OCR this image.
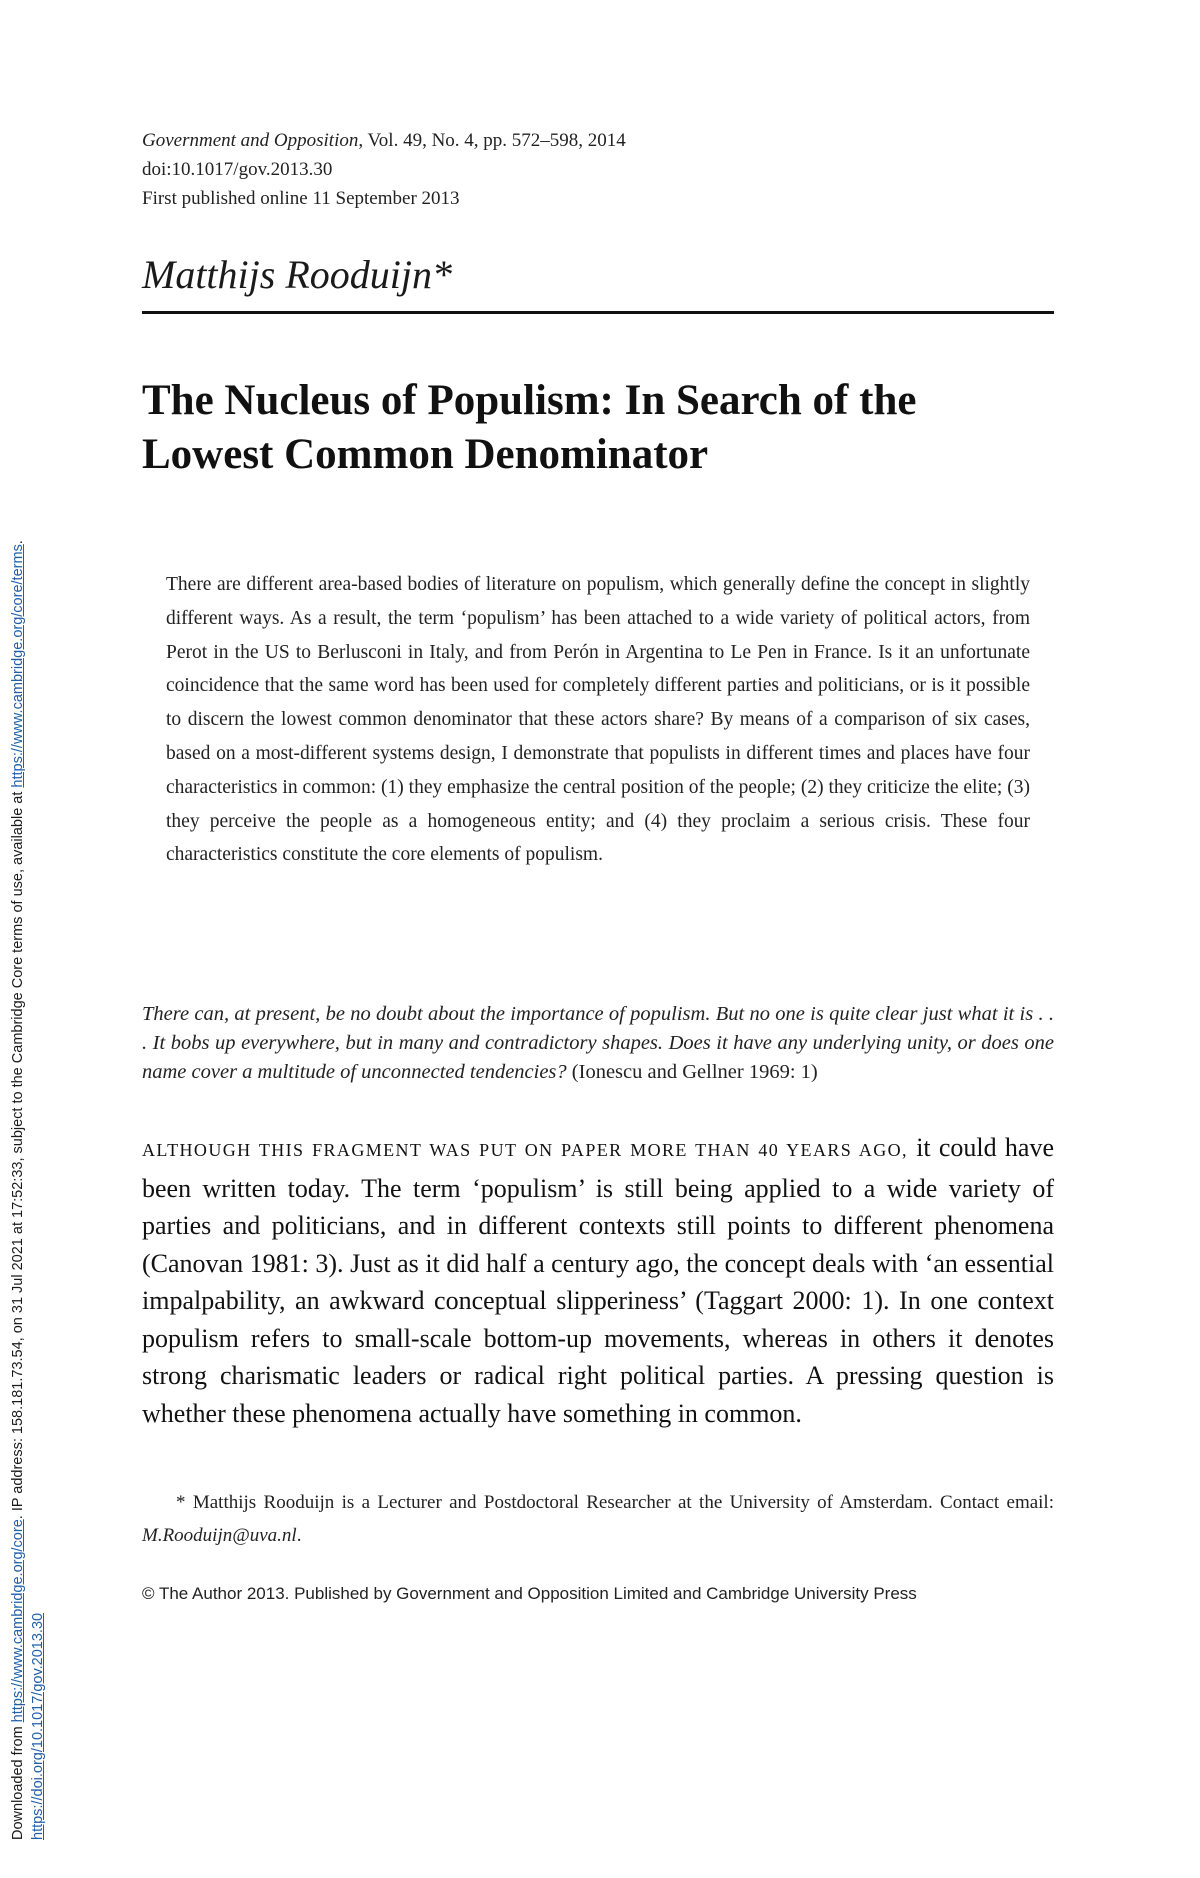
Downloaded from https://www.cambridge.org/core. IP address: 158.181.73.54, on 31 Jul 2021 at 17:52:33, subject to the Cambridge Core terms of use, available at https://www.cambridge.org/core/terms.
https://doi.org/10.1017/gov.2013.30
Government and Opposition, Vol. 49, No. 4, pp. 572–598, 2014
doi:10.1017/gov.2013.30
First published online 11 September 2013
Matthijs Rooduijn*
The Nucleus of Populism: In Search of the Lowest Common Denominator
There are different area-based bodies of literature on populism, which generally define the concept in slightly different ways. As a result, the term ‘populism’ has been attached to a wide variety of political actors, from Perot in the US to Berlusconi in Italy, and from Perón in Argentina to Le Pen in France. Is it an unfortunate coincidence that the same word has been used for completely different parties and politicians, or is it possible to discern the lowest common denominator that these actors share? By means of a comparison of six cases, based on a most-different systems design, I demonstrate that populists in different times and places have four characteristics in common: (1) they emphasize the central position of the people; (2) they criticize the elite; (3) they perceive the people as a homogeneous entity; and (4) they proclaim a serious crisis. These four characteristics constitute the core elements of populism.
There can, at present, be no doubt about the importance of populism. But no one is quite clear just what it is . . . It bobs up everywhere, but in many and contradictory shapes. Does it have any underlying unity, or does one name cover a multitude of unconnected tendencies? (Ionescu and Gellner 1969: 1)
ALTHOUGH THIS FRAGMENT WAS PUT ON PAPER MORE THAN 40 YEARS AGO, it could have been written today. The term ‘populism’ is still being applied to a wide variety of parties and politicians, and in different contexts still points to different phenomena (Canovan 1981: 3). Just as it did half a century ago, the concept deals with ‘an essential impalpability, an awkward conceptual slipperiness’ (Taggart 2000: 1). In one context populism refers to small-scale bottom-up movements, whereas in others it denotes strong charismatic leaders or radical right political parties. A pressing question is whether these phenomena actually have something in common.
* Matthijs Rooduijn is a Lecturer and Postdoctoral Researcher at the University of Amsterdam. Contact email: M.Rooduijn@uva.nl.
© The Author 2013. Published by Government and Opposition Limited and Cambridge University Press
